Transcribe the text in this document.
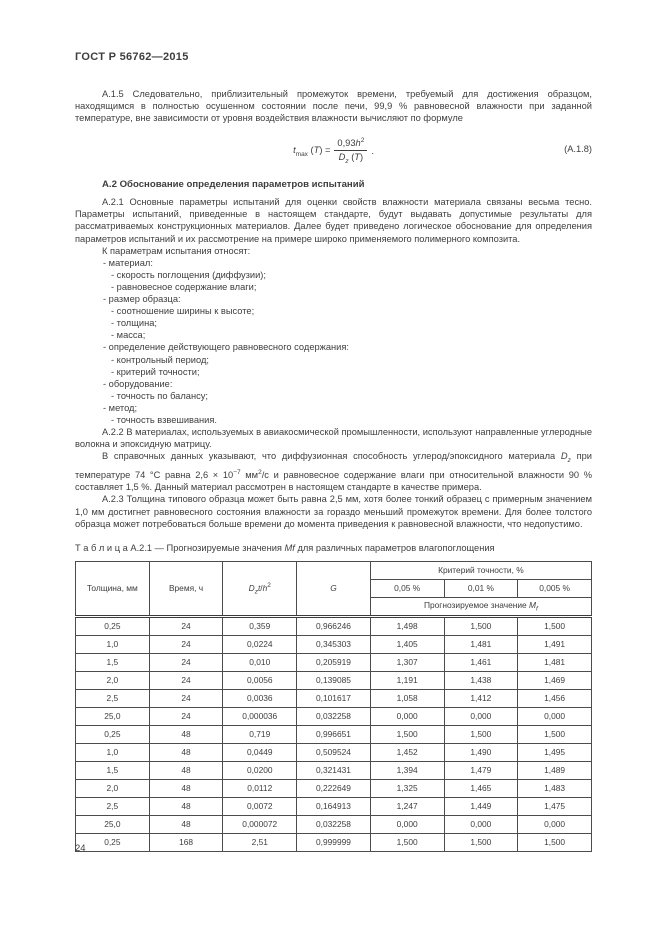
ГОСТ Р 56762—2015

А.1.5 Следовательно, приблизительный промежуток времени, требуемый для достижения образцом, находящимся в полностью осушенном состоянии после печи, 99,9 % равновесной влажности при заданной температуре, вне зависимости от уровня воздействия влажности вычисляют по формуле

$t_{max}$ $(T) = \frac{0,93h^2}{D_z (T)}$ .	(А.1.8)
А.2 Обоснование определения параметров испытаний

А.2.1 Основные параметры испытаний для оценки свойств влажности материала связаны весьма тесно. Параметры испытаний, приведенные в настоящем стандарте, будут выдавать допустимые результаты для рассматриваемых конструкционных материалов. Далее будет приведено логическое обоснование для определения параметров испытаний и их рассмотрение на примере широко применяемого полимерного композита.

К параметрам испытания относят:

- материал:
- скорость поглощения (диффузии);
- равновесное содержание влаги;
- размер образца:
- соотношение ширины к высоте;
- толщина;
- масса;
- определение действующего равновесного содержания:
- контрольный период;
- критерий точности;
- оборудование:
- точность по балансу;
- метод;
- точность взвешивания.

А.2.2 В материалах, используемых в авиакосмической промышленности, используют направленные углеродные волокна и эпоксидную матрицу.

В справочных данных указывают, что диффузионная способность углерод/эпоксидного материала $D_z$ при температуре 74 °С равна $2,6 \times 10^{-7}$ $мм^2/с$ и равновесное содержание влаги при относительной влажности 90 % составляет 1,5 %. Данный материал рассмотрен в настоящем стандарте в качестве примера.

А.2.3 Толщина типового образца может быть равна 2,5 мм, хотя более тонкий образец с примерным значением 1,0 мм достигнет равновесного состояния влажности за гораздо меньший промежуток времени. Для более толстого образца может потребоваться больше времени до момента приведения к равновесной влажности, что недопустимо.

Т а б л и ц а А.2.1 — Прогнозируемые значения Mf для различных параметров влагопоглощения
Толщина, мм	Время, ч	$D_zt/h^2$	G	Критерий точности, %		
				0,05 %	0,01 %	0,005 %
				Прогнозируемое значение $M_f$
0,25	24	0,359	0,966246	1,498	1,500	1,500
1,0	24	0,0224	0,345303	1,405	1,481	1,491
1,5	24	0,010	0,205919	1,307	1,461	1,481
2,0	24	0,0056	0,139085	1,191	1,438	1,469
2,5	24	0,0036	0,101617	1,058	1,412	1,456
25,0	24	0,000036	0,032258	0,000	0,000	0,000
0,25	48	0,719	0,996651	1,500	1,500	1,500
1,0	48	0,0449	0,509524	1,452	1,490	1,495
1,5	48	0,0200	0,321431	1,394	1,479	1,489
2,0	48	0,0112	0,222649	1,325	1,465	1,483
2,5	48	0,0072	0,164913	1,247	1,449	1,475
25,0	48	0,000072	0,032258	0,000	0,000	0,000
0,25	168	2,51	0,999999	1,500	1,500	1,500
24
